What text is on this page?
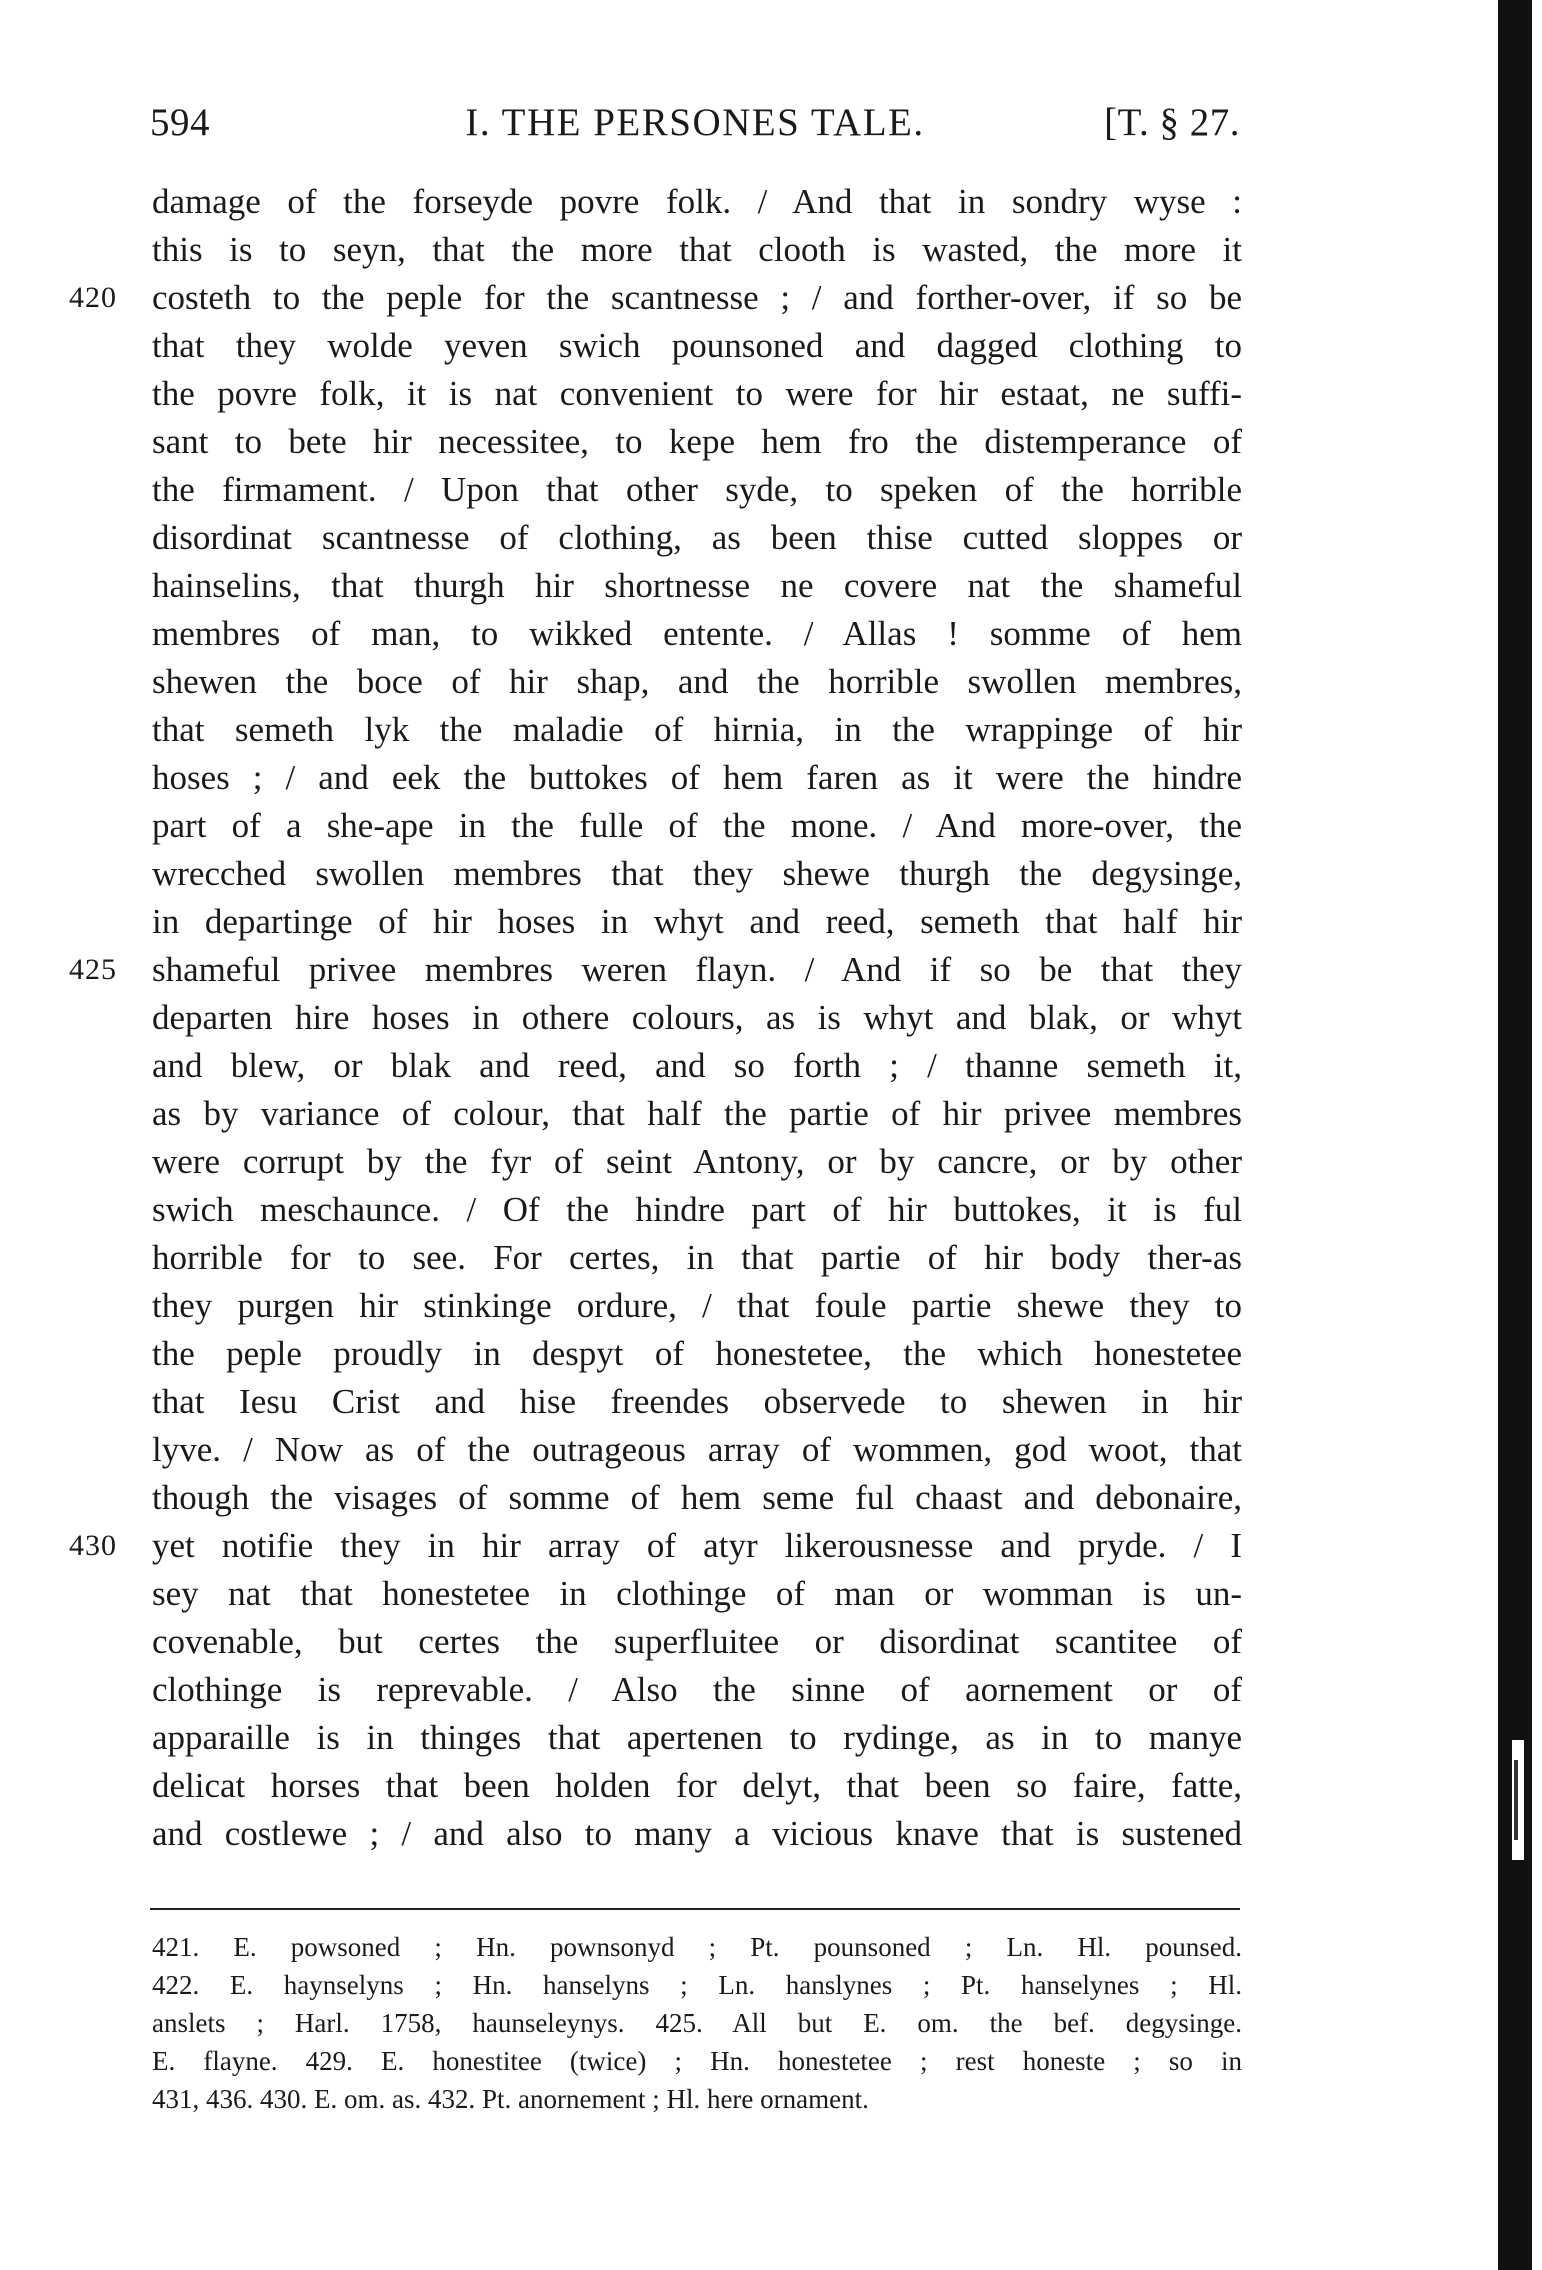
594	I. THE PERSONES TALE.	[T. § 27.
damage of the forseyde povre folk. / And that in sondry wyse :
this is to seyn, that the more that clooth is wasted, the more it
420 costeth to the peple for the scantnesse ; / and forther-over, if so be
that they wolde yeven swich pounsoned and dagged clothing to
the povre folk, it is nat convenient to were for hir estaat, ne suffi-
sant to bete hir necessitee, to kepe hem fro the distemperance of
the firmament. / Upon that other syde, to speken of the horrible
disordinat scantnesse of clothing, as been thise cutted sloppes or
hainselins, that thurgh hir shortnesse ne covere nat the shameful
membres of man, to wikked entente. / Allas ! somme of hem
shewen the boce of hir shap, and the horrible swollen membres,
that semeth lyk the maladie of hirnia, in the wrappinge of hir
hoses ; / and eek the buttokes of hem faren as it were the hindre
part of a she-ape in the fulle of the mone. / And more-over, the
wrecched swollen membres that they shewe thurgh the degysinge,
in departinge of hir hoses in whyt and reed, semeth that half hir
425 shameful privee membres weren flayn. / And if so be that they
departen hire hoses in othere colours, as is whyt and blak, or whyt
and blew, or blak and reed, and so forth ; / thanne semeth it,
as by variance of colour, that half the partie of hir privee membres
were corrupt by the fyr of seint Antony, or by cancre, or by other
swich meschaunce. / Of the hindre part of hir buttokes, it is ful
horrible for to see. For certes, in that partie of hir body ther-as
they purgen hir stinkinge ordure, / that foule partie shewe they to
the peple proudly in despyt of honestetee, the which honestetee
that Iesu Crist and hise freendes observede to shewen in hir
lyve. / Now as of the outrageous array of wommen, god woot, that
though the visages of somme of hem seme ful chaast and debonaire,
430 yet notifie they in hir array of atyr likerousnesse and pryde. / I
sey nat that honestetee in clothinge of man or womman is un-
covenable, but certes the superfluitee or disordinat scantitee of
clothinge is reprevable. / Also the sinne of aornement or of
apparaille is in thinges that apertenen to rydinge, as in to manye
delicat horses that been holden for delyt, that been so faire, fatte,
and costlewe ; / and also to many a vicious knave that is sustened
421. E. powsoned ; Hn. pownsonyd ; Pt. pounsoned ; Ln. Hl. pounsed.
422. E. haynselyns ; Hn. hanselyns ; Ln. hanslynes ; Pt. hanselynes ; Hl.
anslets ; Harl. 1758, haunseleynys. 425. All but E. om. the bef. degysinge.
E. flayne. 429. E. honestitee (twice) ; Hn. honestetee ; rest honeste ; so in
431, 436. 430. E. om. as. 432. Pt. anornement ; Hl. here ornament.
